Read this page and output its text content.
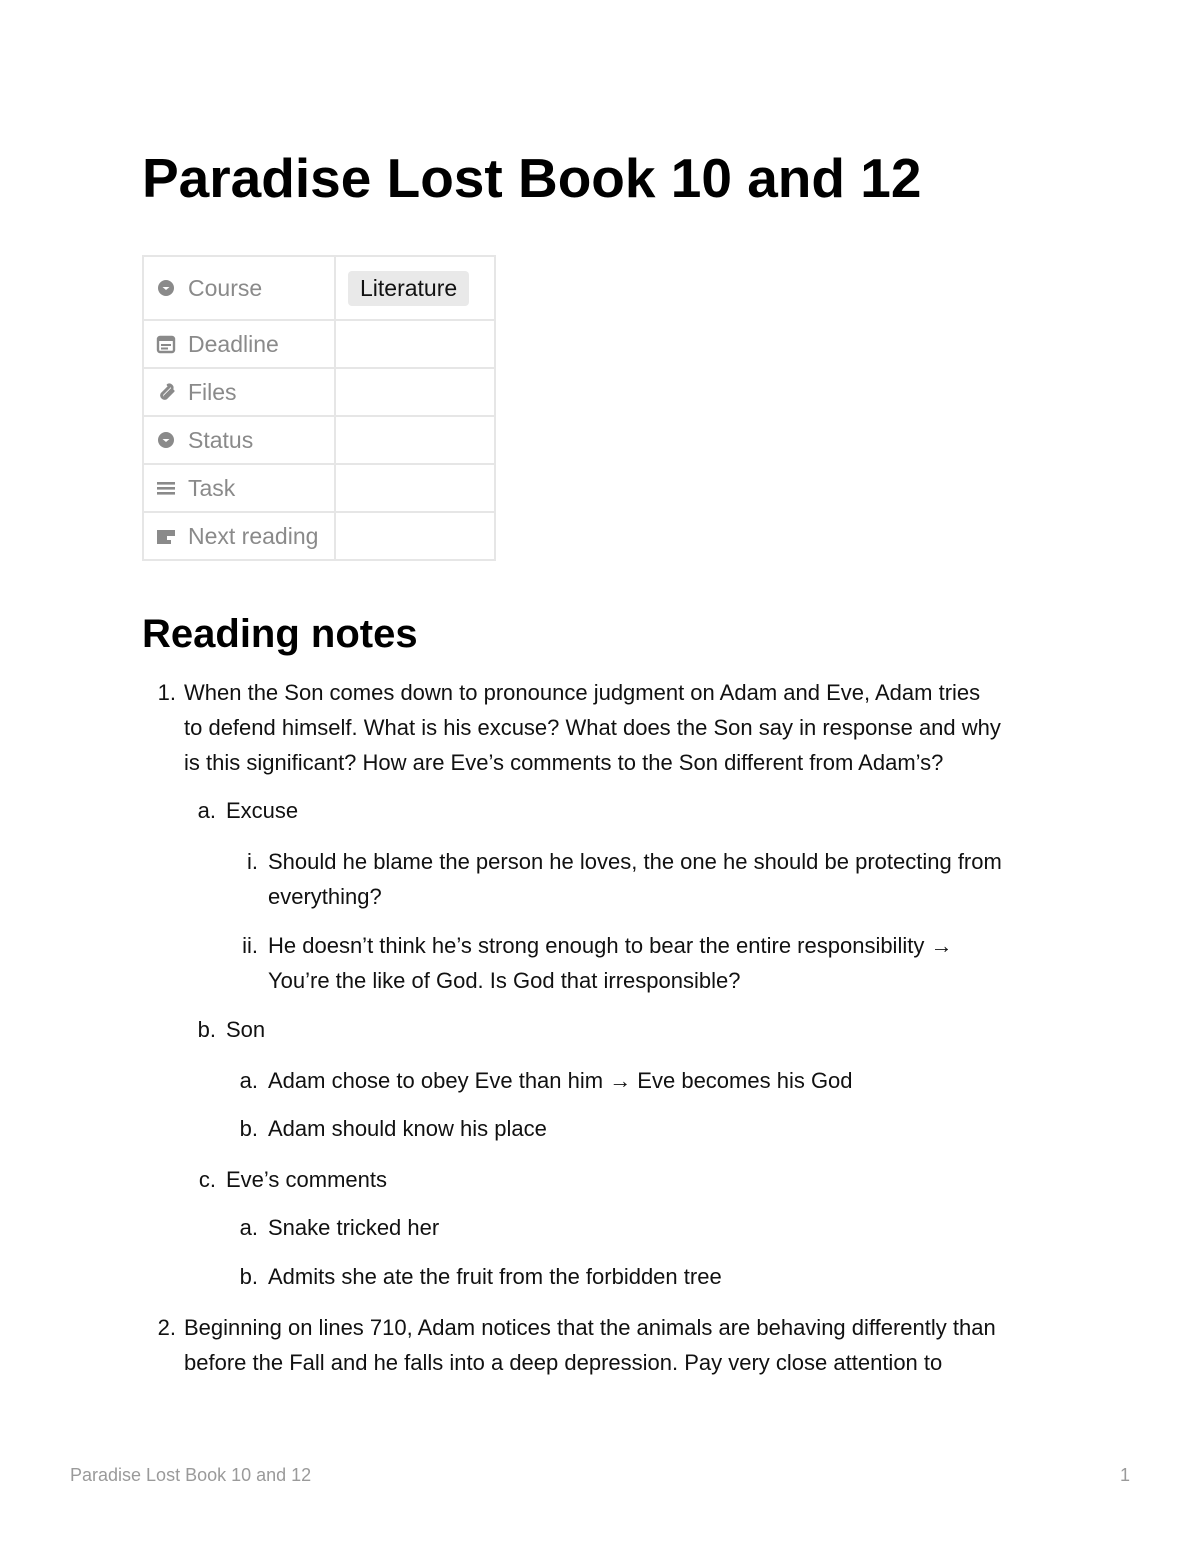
Paradise Lost Book 10 and 12
Course	Literature

Deadline	

Files	

Status	

Task	

Next reading	

Reading notes
1. When the Son comes down to pronounce judgment on Adam and Eve, Adam tries
to defend himself. What is his excuse? What does the Son say in response and why
is this significant? How are Eve’s comments to the Son different from Adam’s?
a. Excuse
i. Should he blame the person he loves, the one he should be protecting from
everything?
ii. He doesn’t think he’s strong enough to bear the entire responsibility →
You’re the like of God. Is God that irresponsible?
b. Son
a. Adam chose to obey Eve than him → Eve becomes his God
b. Adam should know his place
c. Eve’s comments
a. Snake tricked her
b. Admits she ate the fruit from the forbidden tree
2. Beginning on lines 710, Adam notices that the animals are behaving differently than
before the Fall and he falls into a deep depression. Pay very close attention to
Paradise Lost Book 10 and 12	1
